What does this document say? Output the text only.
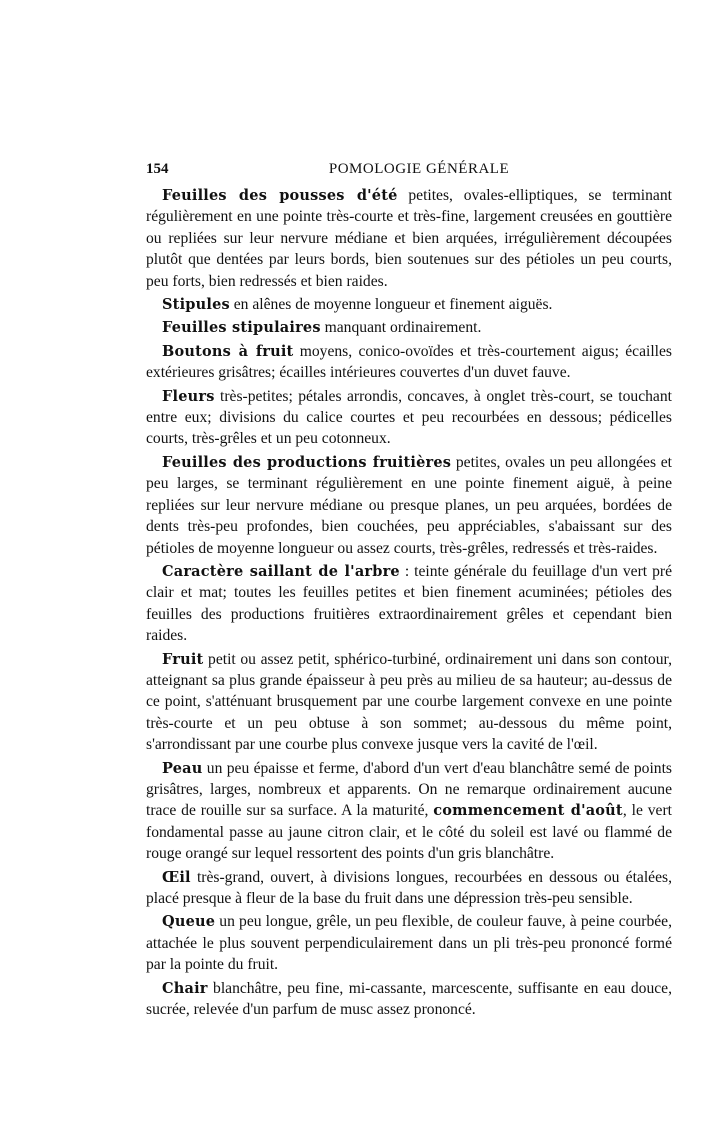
154	POMOLOGIE GÉNÉRALE

Feuilles des pousses d'été petites, ovales-elliptiques, se terminant régulièrement en une pointe très-courte et très-fine, largement creusées en gouttière ou repliées sur leur nervure médiane et bien arquées, irrégulièrement découpées plutôt que dentées par leurs bords, bien soutenues sur des pétioles un peu courts, peu forts, bien redressés et bien raides.

Stipules en alênes de moyenne longueur et finement aiguës.

Feuilles stipulaires manquant ordinairement.

Boutons à fruit moyens, conico-ovoïdes et très-courtement aigus; écailles extérieures grisâtres; écailles intérieures couvertes d'un duvet fauve.

Fleurs très-petites; pétales arrondis, concaves, à onglet très-court, se touchant entre eux; divisions du calice courtes et peu recourbées en dessous; pédicelles courts, très-grêles et un peu cotonneux.

Feuilles des productions fruitières petites, ovales un peu allongées et peu larges, se terminant régulièrement en une pointe finement aiguë, à peine repliées sur leur nervure médiane ou presque planes, un peu arquées, bordées de dents très-peu profondes, bien couchées, peu appréciables, s'abaissant sur des pétioles de moyenne longueur ou assez courts, très-grêles, redressés et très-raides.

Caractère saillant de l'arbre : teinte générale du feuillage d'un vert pré clair et mat; toutes les feuilles petites et bien finement acuminées; pétioles des feuilles des productions fruitières extraordinairement grêles et cependant bien raides.

Fruit petit ou assez petit, sphérico-turbiné, ordinairement uni dans son contour, atteignant sa plus grande épaisseur à peu près au milieu de sa hauteur; au-dessus de ce point, s'atténuant brusquement par une courbe largement convexe en une pointe très-courte et un peu obtuse à son sommet; au-dessous du même point, s'arrondissant par une courbe plus convexe jusque vers la cavité de l'œil.

Peau un peu épaisse et ferme, d'abord d'un vert d'eau blanchâtre semé de points grisâtres, larges, nombreux et apparents. On ne remarque ordinairement aucune trace de rouille sur sa surface. A la maturité, commencement d'août, le vert fondamental passe au jaune citron clair, et le côté du soleil est lavé ou flammé de rouge orangé sur lequel ressortent des points d'un gris blanchâtre.

Œil très-grand, ouvert, à divisions longues, recourbées en dessous ou étalées, placé presque à fleur de la base du fruit dans une dépression très-peu sensible.

Queue un peu longue, grêle, un peu flexible, de couleur fauve, à peine courbée, attachée le plus souvent perpendiculairement dans un pli très-peu prononcé formé par la pointe du fruit.

Chair blanchâtre, peu fine, mi-cassante, marcescente, suffisante en eau douce, sucrée, relevée d'un parfum de musc assez prononcé.
